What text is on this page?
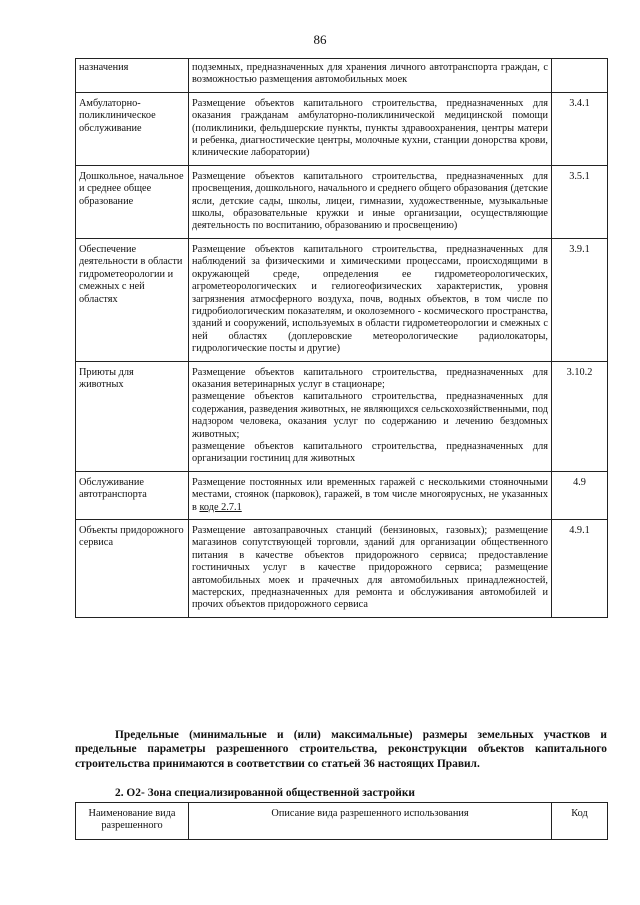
86
назначения	подземных, предназначенных для хранения личного автотранспорта граждан, с возможностью размещения автомобильных моек	

Амбулаторно-поликлиническое обслуживание	Размещение объектов капитального строительства, предназначенных для оказания гражданам амбулаторно-поликлинической медицинской помощи (поликлиники, фельдшерские пункты, пункты здравоохранения, центры матери и ребенка, диагностические центры, молочные кухни, станции донорства крови, клинические лаборатории)	3.4.1

Дошкольное, начальное и среднее общее образование	Размещение объектов капитального строительства, предназначенных для просвещения, дошкольного, начального и среднего общего образования (детские ясли, детские сады, школы, лицеи, гимназии, художественные, музыкальные школы, образовательные кружки и иные организации, осуществляющие деятельность по воспитанию, образованию и просвещению)	3.5.1

Обеспечение деятельности в области гидрометеорологии и смежных с ней областях	Размещение объектов капитального строительства, предназначенных для наблюдений за физическими и химическими процессами, происходящими в окружающей среде, определения ее гидрометеорологических, агрометеорологических и гелиогеофизических характеристик, уровня загрязнения атмосферного воздуха, почв, водных объектов, в том числе по гидробиологическим показателям, и околоземного - космического пространства, зданий и сооружений, используемых в области гидрометеорологии и смежных с ней областях (доплеровские метеорологические радиолокаторы, гидрологические посты и другие)	3.9.1

Приюты для
животных	Размещение объектов капитального строительства, предназначенных для оказания ветеринарных услуг в стационаре;
размещение объектов капитального строительства, предназначенных для содержания, разведения животных, не являющихся сельскохозяйственными, под надзором человека, оказания услуг по содержанию и лечению бездомных животных;
размещение объектов капитального строительства, предназначенных для организации гостиниц для животных	3.10.2

Обслуживание автотранспорта	Размещение постоянных или временных гаражей с несколькими стояночными местами, стоянок (парковок), гаражей, в том числе многоярусных, не указанных в коде 2.7.1	4.9

Объекты придорожного сервиса	Размещение автозаправочных станций (бензиновых, газовых); размещение магазинов сопутствующей торговли, зданий для организации общественного питания в качестве объектов придорожного сервиса; предоставление гостиничных услуг в качестве придорожного сервиса; размещение автомобильных моек и прачечных для автомобильных принадлежностей, мастерских, предназначенных для ремонта и обслуживания автомобилей и прочих объектов придорожного сервиса	4.9.1
Предельные (минимальные и (или) максимальные) размеры земельных участков и предельные параметры разрешенного строительства, реконструкции объектов капитального строительства принимаются в соответствии со статьей 36 настоящих Правил.
2. О2- Зона специализированной общественной застройки
Наименование вида разрешенного	Описание вида разрешенного использования	Код
